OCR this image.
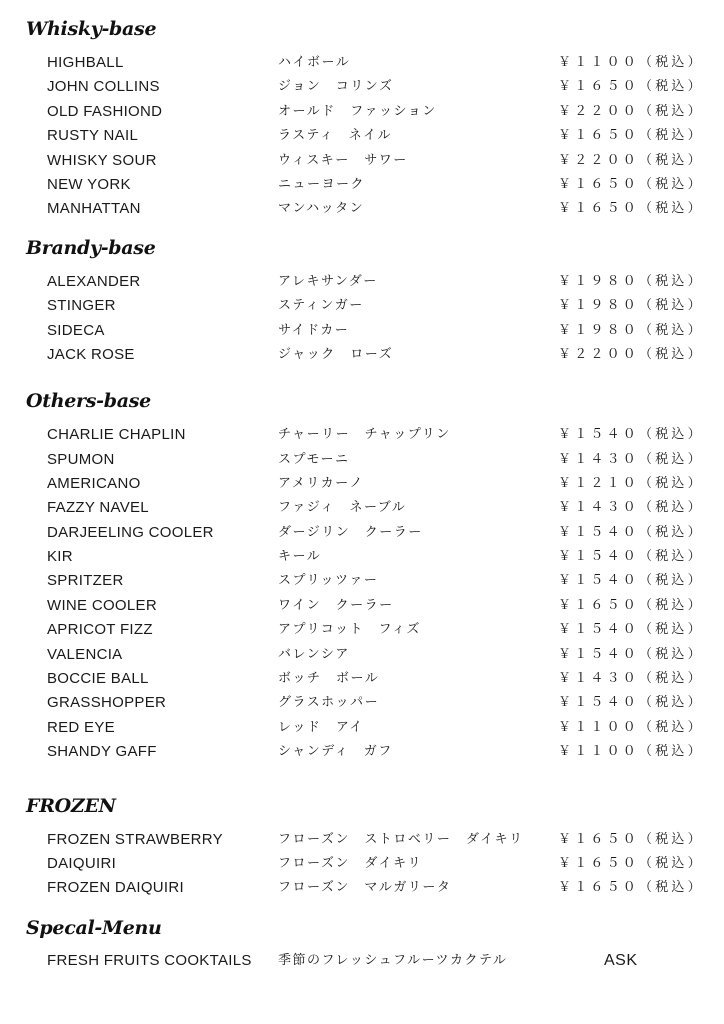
Whisky-base
HIGHBALL	ハイボール	￥１１００（税込）
JOHN COLLINS	ジョン　コリンズ	￥１６５０（税込）
OLD FASHIOND	オールド　ファッション	￥２２００（税込）
RUSTY NAIL	ラスティ　ネイル	￥１６５０（税込）
WHISKY SOUR	ウィスキー　サワー	￥２２００（税込）
NEW YORK	ニューヨーク	￥１６５０（税込）
MANHATTAN	マンハッタン	￥１６５０（税込）
Brandy-base
ALEXANDER	アレキサンダー	￥１９８０（税込）
STINGER	スティンガー	￥１９８０（税込）
SIDECA	サイドカー	￥１９８０（税込）
JACK ROSE	ジャック　ローズ	￥２２００（税込）
Others-base
CHARLIE CHAPLIN	チャーリー　チャップリン	￥１５４０（税込）
SPUMON	スプモーニ	￥１４３０（税込）
AMERICANO	アメリカーノ	￥１２１０（税込）
FAZZY NAVEL	ファジィ　ネーブル	￥１４３０（税込）
DARJEELING COOLER	ダージリン　クーラー	￥１５４０（税込）
KIR	キール	￥１５４０（税込）
SPRITZER	スプリッツァー	￥１５４０（税込）
WINE COOLER	ワイン　クーラー	￥１６５０（税込）
APRICOT FIZZ	アプリコット　フィズ	￥１５４０（税込）
VALENCIA	バレンシア	￥１５４０（税込）
BOCCIE BALL	ボッチ　ボール	￥１４３０（税込）
GRASSHOPPER	グラスホッパー	￥１５４０（税込）
RED EYE	レッド　アイ	￥１１００（税込）
SHANDY GAFF	シャンディ　ガフ	￥１１００（税込）
FROZEN
FROZEN STRAWBERRY	フローズン　ストロベリー　ダイキリ	￥１６５０（税込）
DAIQUIRI	フローズン　ダイキリ	￥１６５０（税込）
FROZEN DAIQUIRI	フローズン　マルガリータ	￥１６５０（税込）
Specal-Menu
FRESH FRUITS COOKTAILS 季節のフレッシュフルーツカクテル	ASK
